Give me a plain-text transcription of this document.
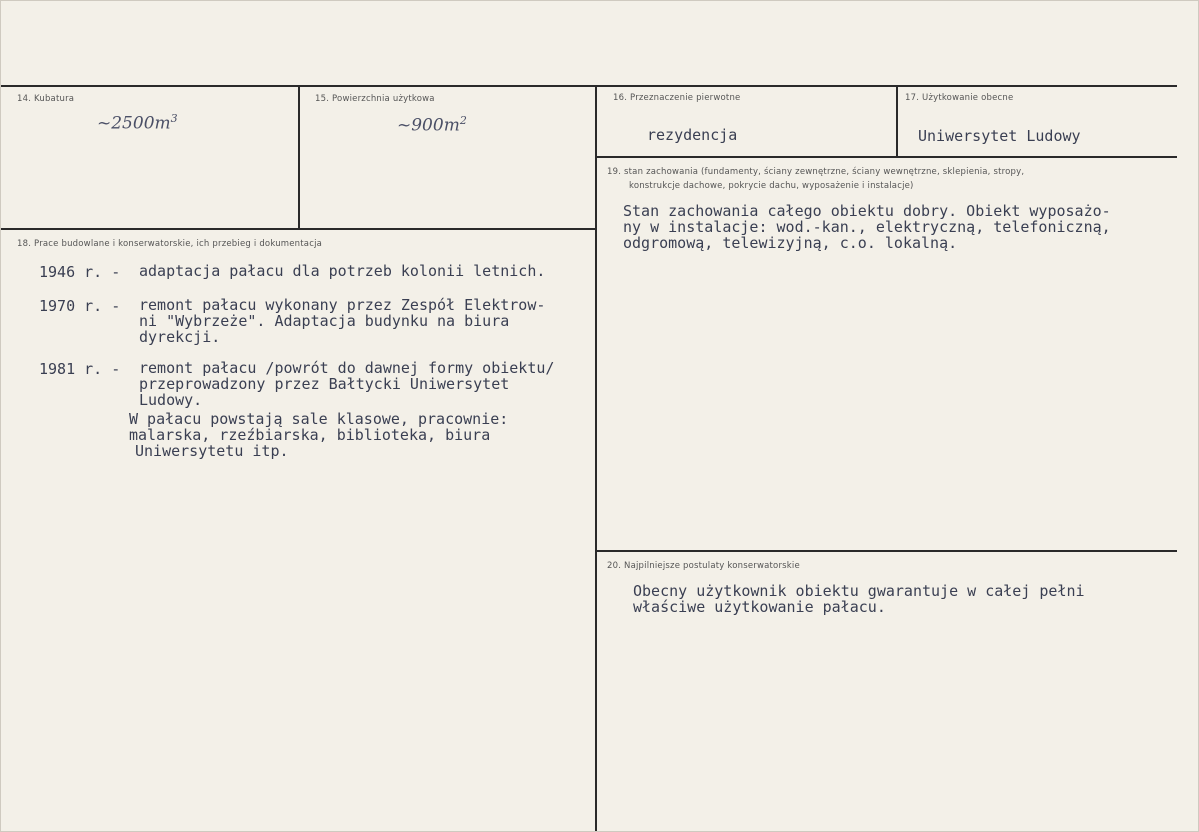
14. Kubatura
$\sim 2500m^3$
15. Powierzchnia użytkowa
$\sim 900m^2$
16. Przeznaczenie pierwotne
rezydencja
17. Użytkowanie obecne
Uniwersytet Ludowy
18. Prace budowlane i konserwatorskie, ich przebieg i dokumentacja
1946 r. - adaptacja pałacu dla potrzeb kolonii letnich.
1970 r. - remont pałacu wykonany przez Zespół Elektrow-
ni "Wybrzeże". Adaptacja budynku na biura
dyrekcji.
1981 r. - remont pałacu /powrót do dawnej formy obiektu/
przeprowadzony przez Bałtycki Uniwersytet
Ludowy.
W pałacu powstają sale klasowe, pracownie:
malarska, rzeźbiarska, biblioteka, biura
Uniwersytetu itp.
19. stan zachowania (fundamenty, ściany zewnętrzne, ściany wewnętrzne, sklepienia, stropy,
konstrukcje dachowe, pokrycie dachu, wyposażenie i instalacje)
Stan zachowania całego obiektu dobry. Obiekt wyposażo-
ny w instalacje: wod.-kan., elektryczną, telefoniczną,
odgromową, telewizyjną, c.o. lokalną.
20. Najpilniejsze postulaty konserwatorskie
Obecny użytkownik obiektu gwarantuje w całej pełni
właściwe użytkowanie pałacu.
